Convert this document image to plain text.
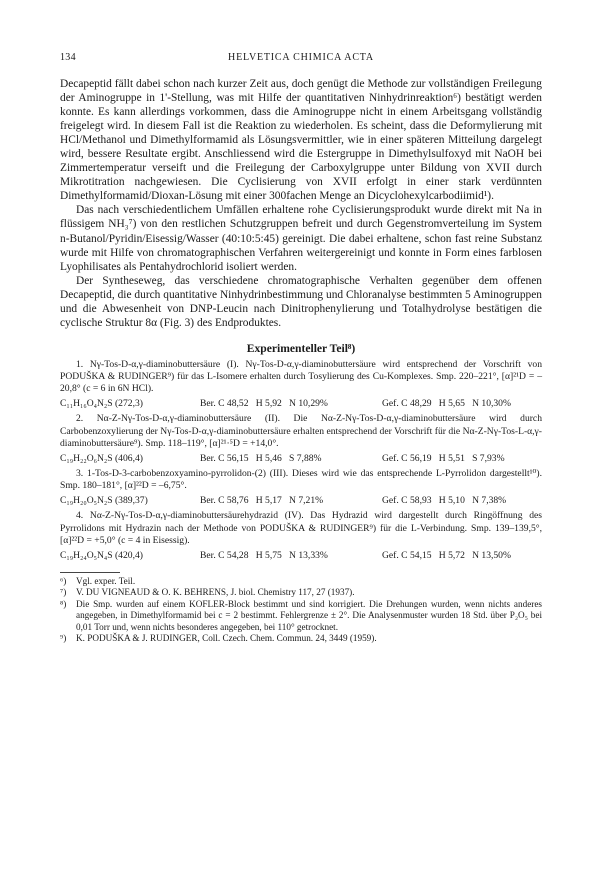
134	HELVETICA CHIMICA ACTA

Decapeptid fällt dabei schon nach kurzer Zeit aus, doch genügt die Methode zur vollständigen Freilegung der Aminogruppe in 1'-Stellung, was mit Hilfe der quantitativen Ninhydrinreaktion⁶) bestätigt werden konnte. Es kann allerdings vorkommen, dass die Aminogruppe nicht in einem Arbeitsgang vollständig freigelegt wird. In diesem Fall ist die Reaktion zu wiederholen. Es scheint, dass die Deformylierung mit HCl/Methanol und Dimethylformamid als Lösungsvermittler, wie in einer späteren Mitteilung dargelegt wird, bessere Resultate ergibt. Anschliessend wird die Estergruppe in Dimethylsulfoxyd mit NaOH bei Zimmertemperatur verseift und die Freilegung der Carboxylgruppe unter Bildung von XVII durch Mikrotitration nachgewiesen. Die Cyclisierung von XVII erfolgt in einer stark verdünnten Dimethylformamid/Dioxan-Lösung mit einer 300fachen Menge an Dicyclohexylcarbodiimid¹).

Das nach verschiedentlichem Umfällen erhaltene rohe Cyclisierungsprodukt wurde direkt mit Na in flüssigem NH₃⁷) von den restlichen Schutzgruppen befreit und durch Gegenstromverteilung im System n-Butanol/Pyridin/Eisessig/Wasser (40:10:5:45) gereinigt. Die dabei erhaltene, schon fast reine Substanz wurde mit Hilfe von chromatographischen Verfahren weitergereinigt und konnte in Form eines farblosen Lyophilisates als Pentahydrochlorid isoliert werden.

Der Syntheseweg, das verschiedene chromatographische Verhalten gegenüber dem offenen Decapeptid, die durch quantitative Ninhydrinbestimmung und Chloranalyse bestimmten 5 Aminogruppen und die Abwesenheit von DNP-Leucin nach Dinitrophenylierung und Totalhydrolyse bestätigen die cyclische Struktur 8α (Fig. 3) des Endproduktes.

Experimenteller Teil⁸)

1. Nγ-Tos-D-α,γ-diaminobuttersäure (I). Nγ-Tos-D-α,γ-diaminobuttersäure wird entsprechend der Vorschrift von PODUŠKA & RUDINGER⁹) für das L-Isomere erhalten durch Tosylierung des Cu-Komplexes. Smp. 220–221°, [α]²¹D = –20,8° (c = 6 in 6N HCl).

C₁₁H₁₆O₄N₂S (272,3)	Ber. C 48,52   H 5,92   N 10,29%	Gef. C 48,29   H 5,65   N 10,30%

2. Nα-Z-Nγ-Tos-D-α,γ-diaminobuttersäure (II). Die Nα-Z-Nγ-Tos-D-α,γ-diaminobuttersäure wird durch Carbobenzoxylierung der Nγ-Tos-D-α,γ-diaminobuttersäure erhalten entsprechend der Vorschrift für die Nα-Z-Nγ-Tos-L-α,γ-diaminobuttersäure⁹). Smp. 118–119°, [α]²¹·⁵D = +14,0°.

C₁₉H₂₂O₆N₂S (406,4)	Ber. C 56,15   H 5,46   S 7,88%	Gef. C 56,19   H 5,51   S 7,93%

3. 1-Tos-D-3-carbobenzoxyamino-pyrrolidon-(2) (III). Dieses wird wie das entsprechende L-Pyrrolidon dargestellt¹⁰). Smp. 180–181°, [α]²²D = –6,75°.

C₁₉H₂₀O₅N₂S (389,37)	Ber. C 58,76   H 5,17   N 7,21%	Gef. C 58,93   H 5,10   N 7,38%

4. Nα-Z-Nγ-Tos-D-α,γ-diaminobuttersäurehydrazid (IV). Das Hydrazid wird dargestellt durch Ringöffnung des Pyrrolidons mit Hydrazin nach der Methode von PODUŠKA & RUDINGER⁹) für die L-Verbindung. Smp. 139–139,5°, [α]²²D = +5,0° (c = 4 in Eisessig).

C₁₉H₂₄O₅N₄S (420,4)	Ber. C 54,28   H 5,75   N 13,33%	Gef. C 54,15   H 5,72   N 13,50%
⁶)	Vgl. exper. Teil.
⁷)	V. DU VIGNEAUD & O. K. BEHRENS, J. biol. Chemistry 117, 27 (1937).
⁸)	Die Smp. wurden auf einem KOFLER-Block bestimmt und sind korrigiert. Die Drehungen wurden, wenn nichts anderes angegeben, in Dimethylformamid bei c = 2 bestimmt. Fehlergrenze ± 2°. Die Analysenmuster wurden 18 Std. über P₂O₅ bei 0,01 Torr und, wenn nichts besonderes angegeben, bei 110° getrocknet.
⁹)	K. PODUŠKA & J. RUDINGER, Coll. Czech. Chem. Commun. 24, 3449 (1959).
